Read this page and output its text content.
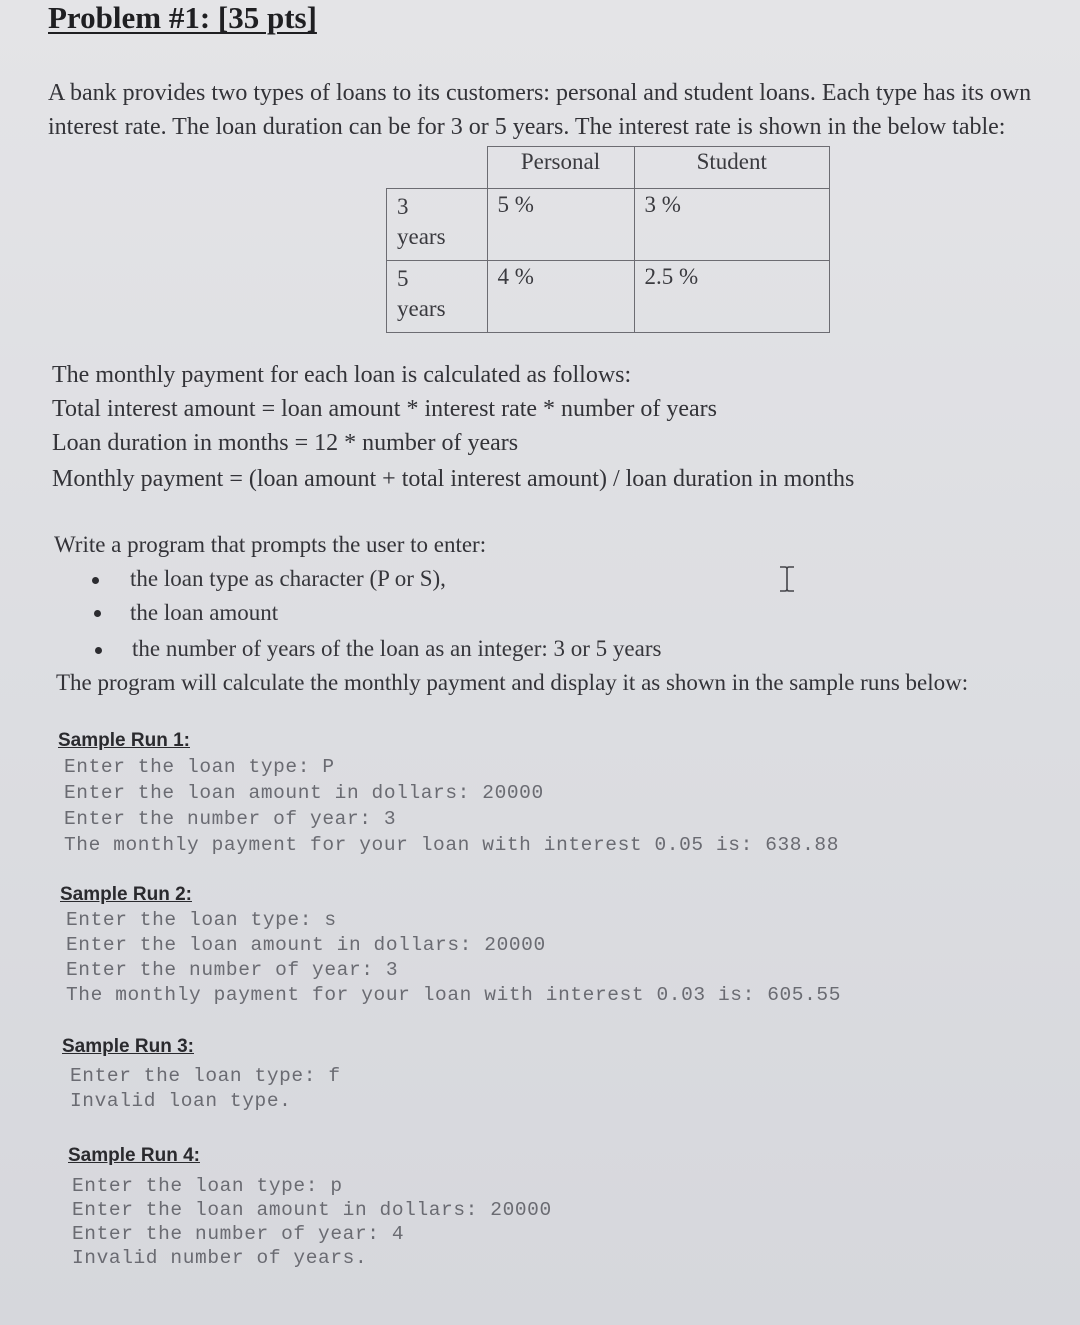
Problem #1: [35 pts]
A bank provides two types of loans to its customers: personal and student loans. Each type has its own
interest rate. The loan duration can be for 3 or 5 years. The interest rate is shown in the below table:
	Personal	Student

3
years	5 %	3 %

5
years	4 %	2.5 %
The monthly payment for each loan is calculated as follows:
Total interest amount = loan amount * interest rate * number of years
Loan duration in months = 12 * number of years
Monthly payment = (loan amount + total interest amount) / loan duration in months
Write a program that prompts the user to enter:
the loan type as character (P or S),
the loan amount
the number of years of the loan as an integer: 3 or 5 years
The program will calculate the monthly payment and display it as shown in the sample runs below:
Sample Run 1:
Enter the loan type: P
Enter the loan amount in dollars: 20000
Enter the number of year: 3
The monthly payment for your loan with interest 0.05 is: 638.88
Sample Run 2:
Enter the loan type: s
Enter the loan amount in dollars: 20000
Enter the number of year: 3
The monthly payment for your loan with interest 0.03 is: 605.55
Sample Run 3:
Enter the loan type: f
Invalid loan type.
Sample Run 4:
Enter the loan type: p
Enter the loan amount in dollars: 20000
Enter the number of year: 4
Invalid number of years.
